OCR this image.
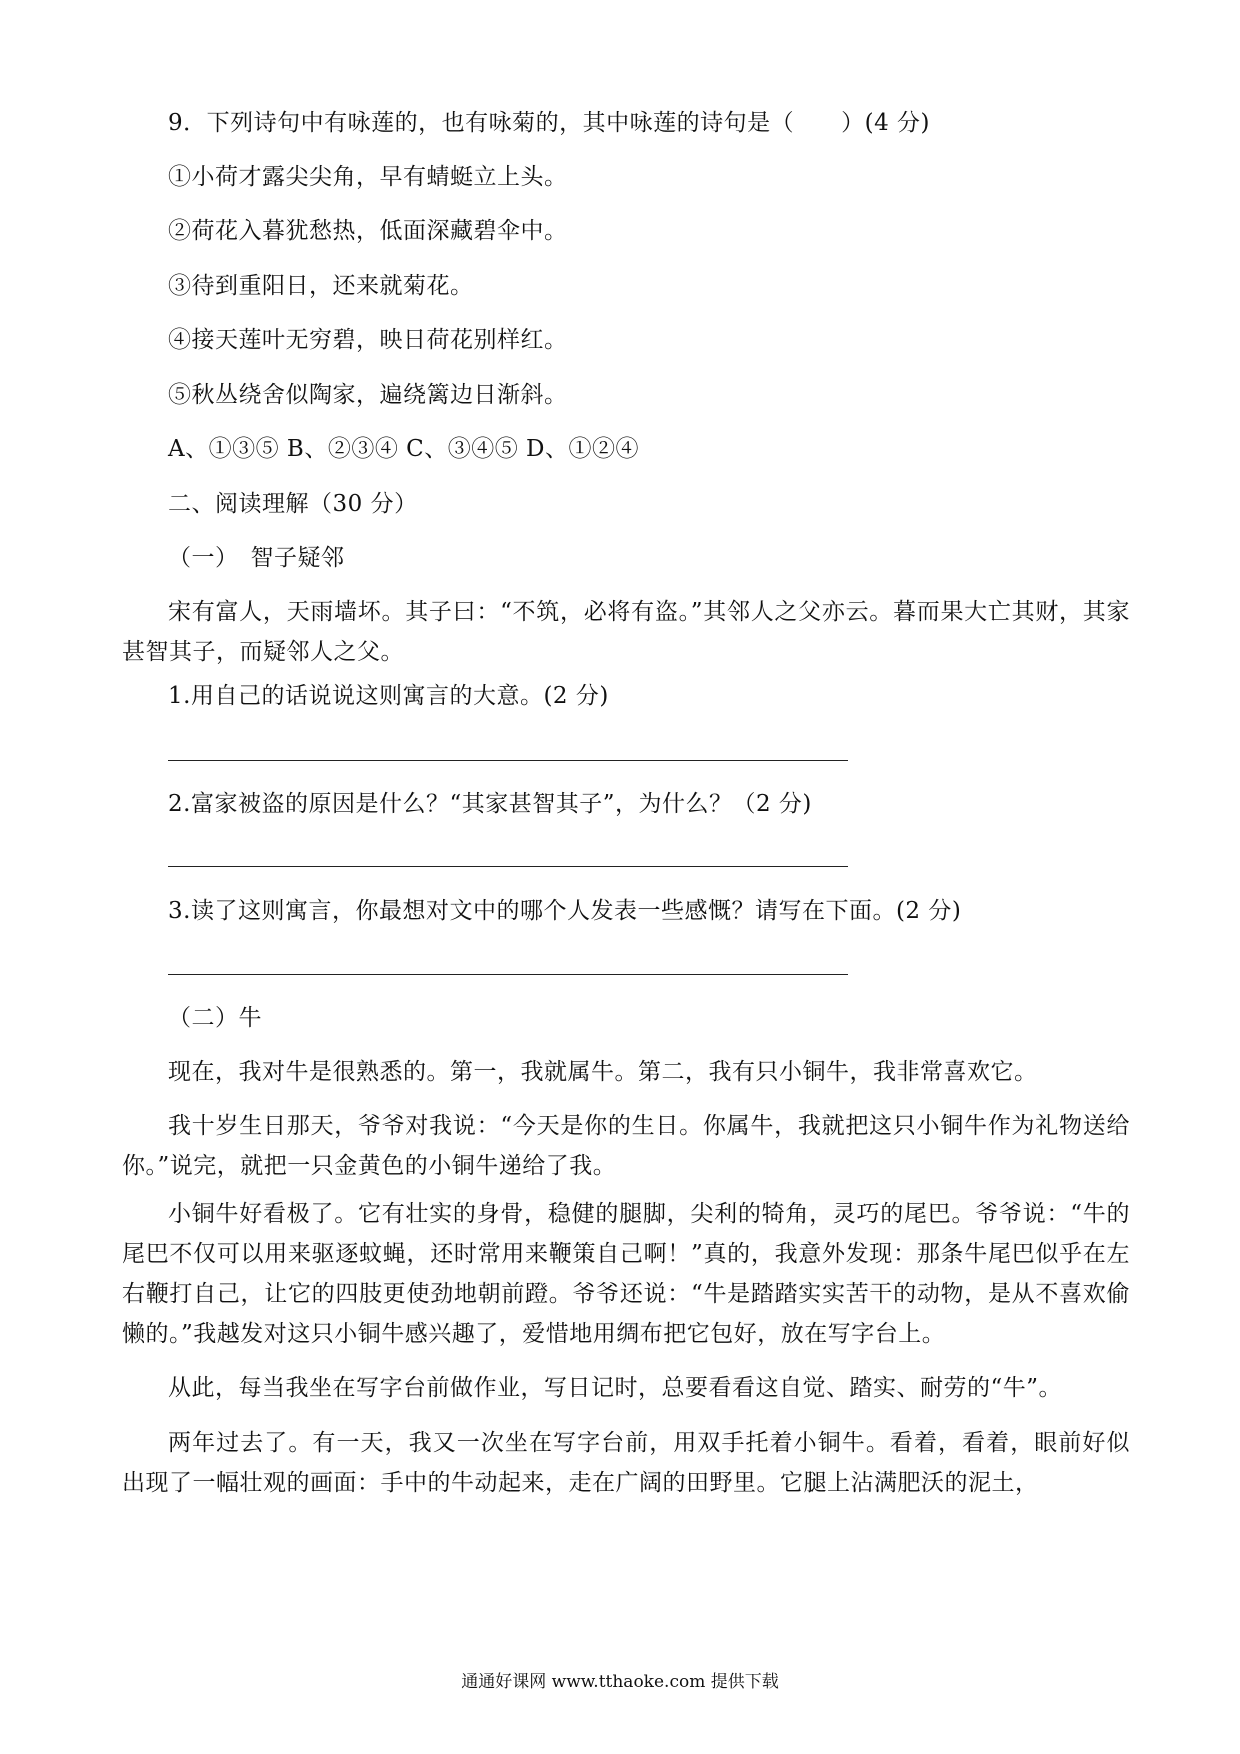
9．下列诗句中有咏莲的，也有咏菊的，其中咏莲的诗句是（　　）(4 分)
①小荷才露尖尖角，早有蜻蜓立上头。
②荷花入暮犹愁热，低面深藏碧伞中。
③待到重阳日，还来就菊花。
④接天莲叶无穷碧，映日荷花别样红。
⑤秋丛绕舍似陶家，遍绕篱边日渐斜。
A、①③⑤ B、②③④ C、③④⑤ D、①②④
二、阅读理解（30 分）
（一）　智子疑邻
宋有富人，天雨墙坏。其子曰：“不筑，必将有盗。”其邻人之父亦云。暮而果大亡其财，其家甚智其子，而疑邻人之父。
1.用自己的话说说这则寓言的大意。(2 分)
2.富家被盗的原因是什么？“其家甚智其子”，为什么？（2 分)
3.读了这则寓言，你最想对文中的哪个人发表一些感慨？请写在下面。(2 分)
（二）牛
现在，我对牛是很熟悉的。第一，我就属牛。第二，我有只小铜牛，我非常喜欢它。
我十岁生日那天，爷爷对我说：“今天是你的生日。你属牛，我就把这只小铜牛作为礼物送给你。”说完，就把一只金黄色的小铜牛递给了我。
小铜牛好看极了。它有壮实的身骨，稳健的腿脚，尖利的犄角，灵巧的尾巴。爷爷说：“牛的尾巴不仅可以用来驱逐蚊蝇，还时常用来鞭策自己啊！”真的，我意外发现：那条牛尾巴似乎在左右鞭打自己，让它的四肢更使劲地朝前蹬。爷爷还说：“牛是踏踏实实苦干的动物，是从不喜欢偷懒的。”我越发对这只小铜牛感兴趣了，爱惜地用绸布把它包好，放在写字台上。
从此，每当我坐在写字台前做作业，写日记时，总要看看这自觉、踏实、耐劳的“牛”。
两年过去了。有一天，我又一次坐在写字台前，用双手托着小铜牛。看着，看着，眼前好似出现了一幅壮观的画面：手中的牛动起来，走在广阔的田野里。它腿上沾满肥沃的泥土，
通通好课网 www.tthaoke.com 提供下载
